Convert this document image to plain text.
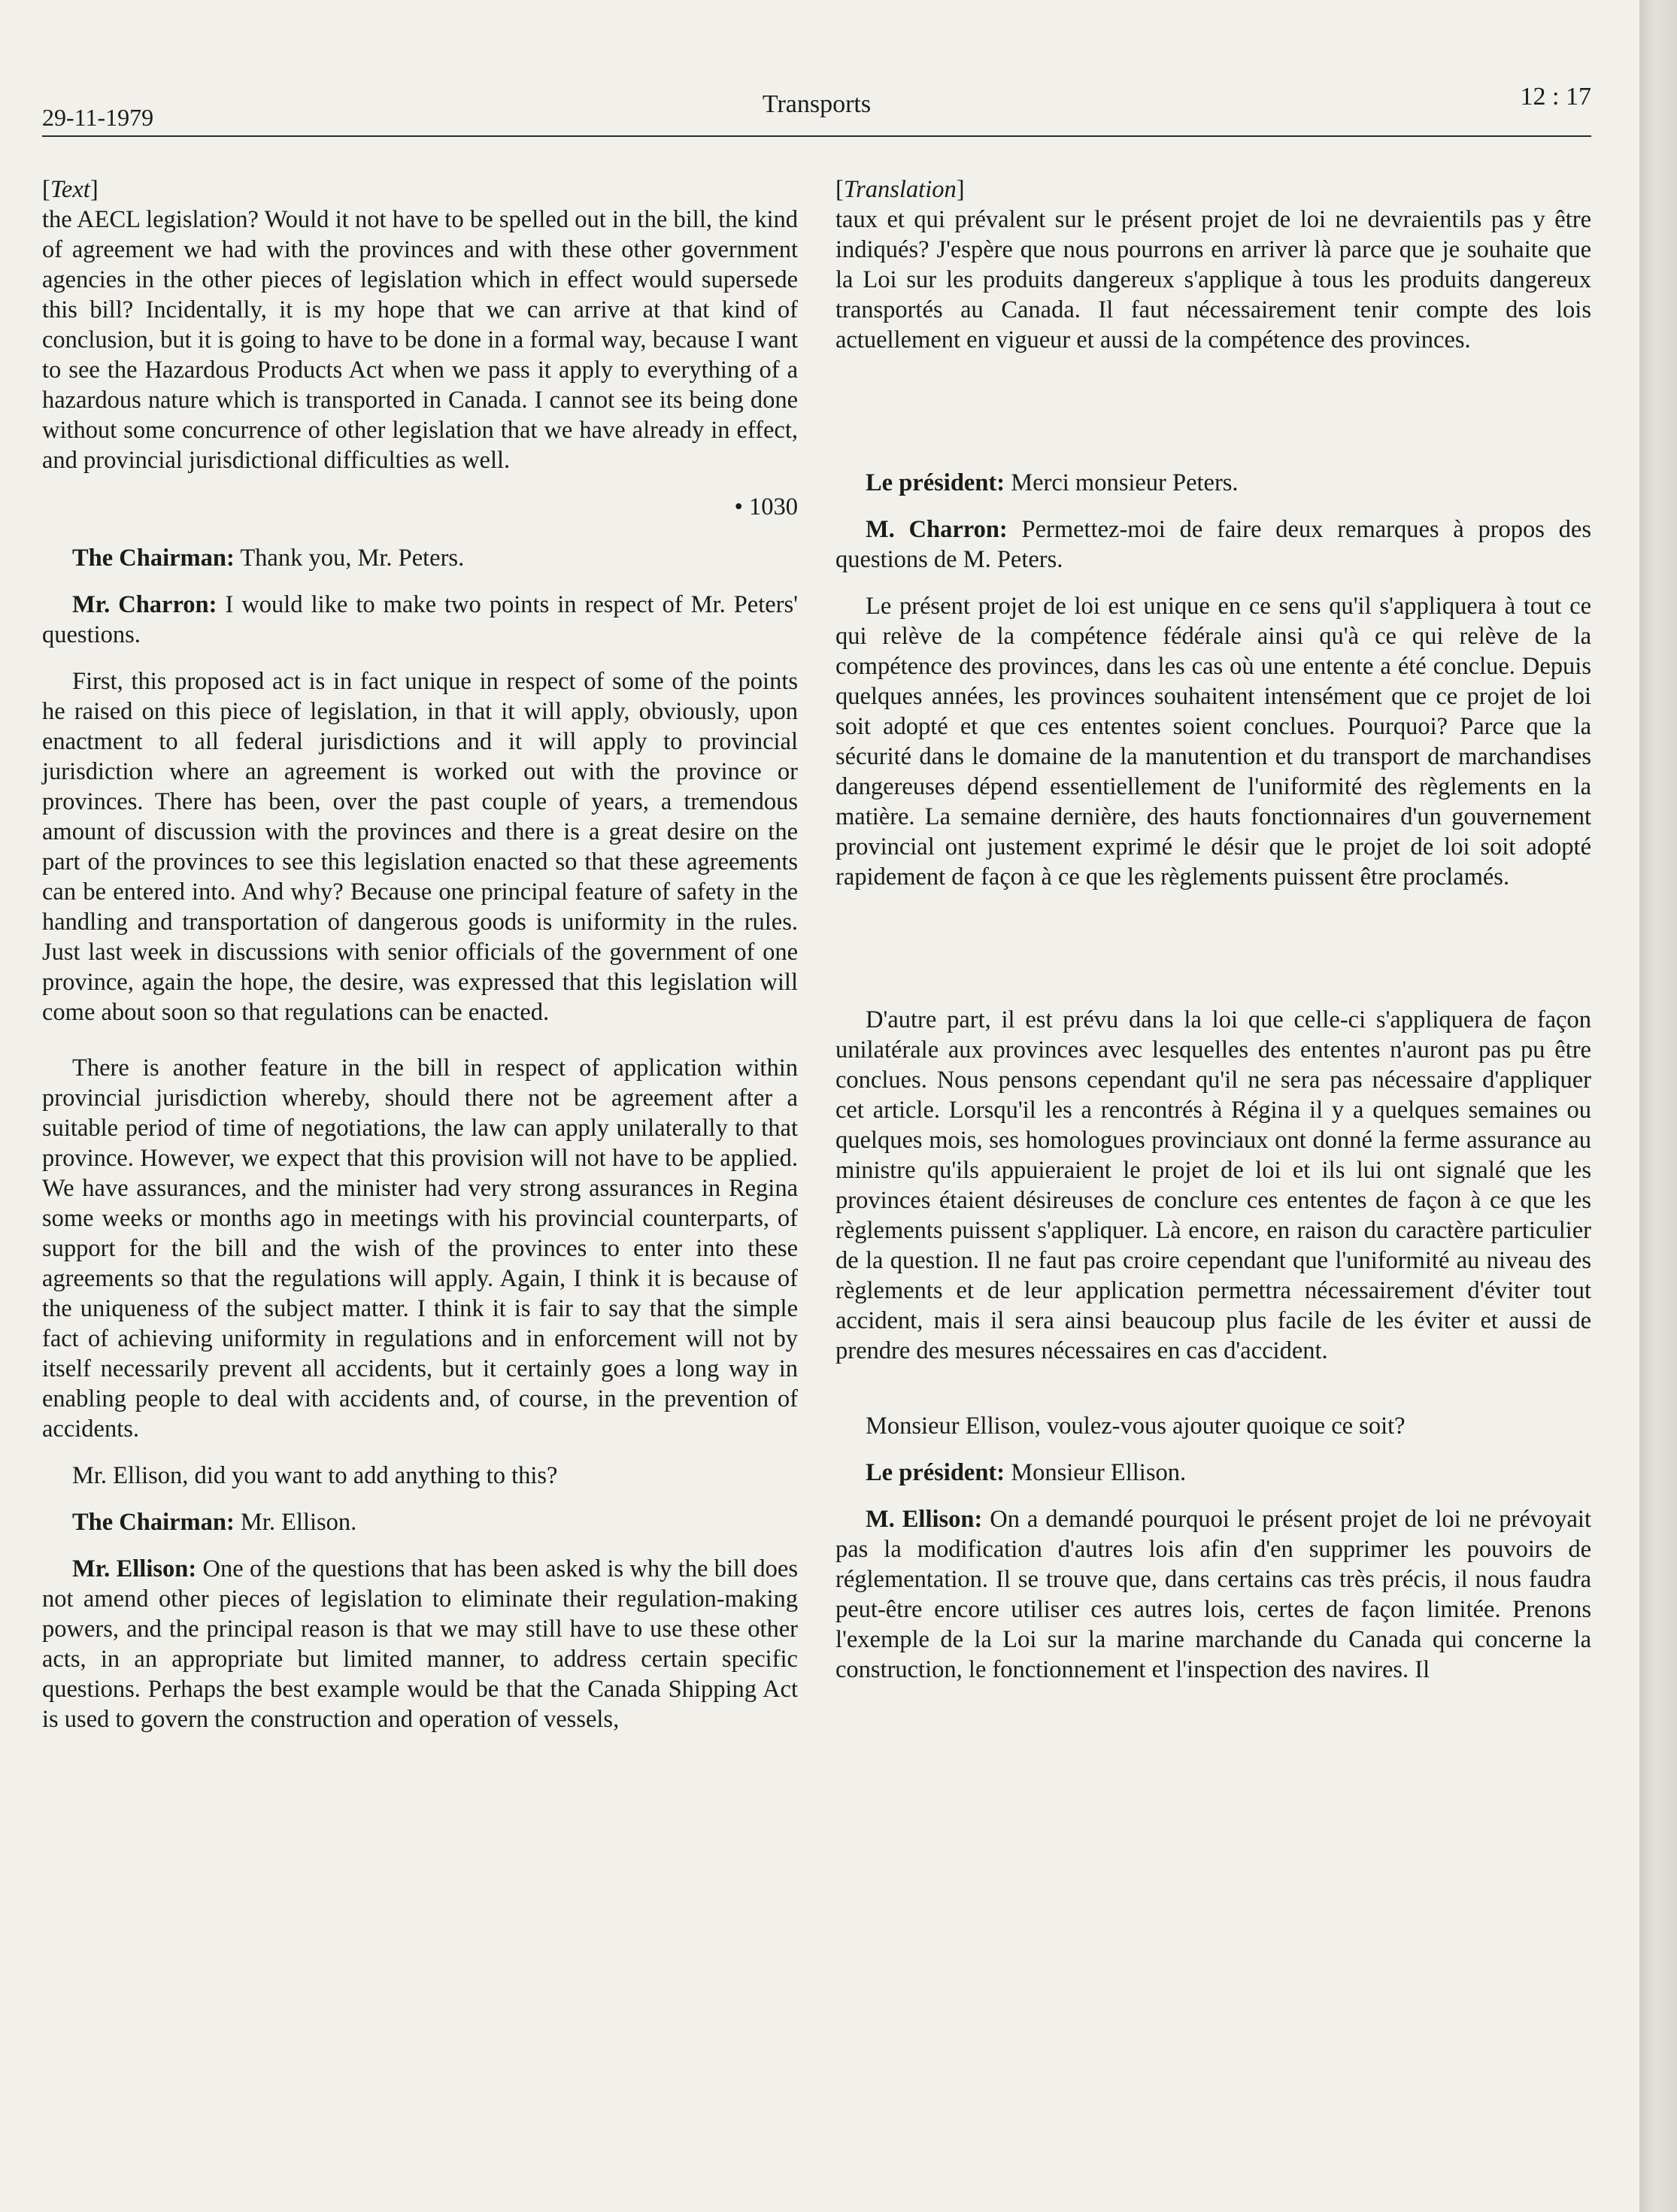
29-11-1979	Transports	12 : 17
[Text]

the AECL legislation? Would it not have to be spelled out in the bill, the kind of agreement we had with the provinces and with these other government agencies in the other pieces of legislation which in effect would supersede this bill? Incidentally, it is my hope that we can arrive at that kind of conclusion, but it is going to have to be done in a formal way, because I want to see the Hazardous Products Act when we pass it apply to everything of a hazardous nature which is transported in Canada. I cannot see its being done without some concurrence of other legislation that we have already in effect, and provincial jurisdictional difficulties as well.

• 1030

The Chairman: Thank you, Mr. Peters.

Mr. Charron: I would like to make two points in respect of Mr. Peters' questions.

First, this proposed act is in fact unique in respect of some of the points he raised on this piece of legislation, in that it will apply, obviously, upon enactment to all federal jurisdictions and it will apply to provincial jurisdiction where an agreement is worked out with the province or provinces. There has been, over the past couple of years, a tremendous amount of discussion with the provinces and there is a great desire on the part of the provinces to see this legislation enacted so that these agreements can be entered into. And why? Because one principal feature of safety in the handling and transportation of dangerous goods is uniformity in the rules. Just last week in discussions with senior officials of the government of one province, again the hope, the desire, was expressed that this legislation will come about soon so that regulations can be enacted.

There is another feature in the bill in respect of application within provincial jurisdiction whereby, should there not be agreement after a suitable period of time of negotiations, the law can apply unilaterally to that province. However, we expect that this provision will not have to be applied. We have assurances, and the minister had very strong assurances in Regina some weeks or months ago in meetings with his provincial counterparts, of support for the bill and the wish of the provinces to enter into these agreements so that the regulations will apply. Again, I think it is because of the uniqueness of the subject matter. I think it is fair to say that the simple fact of achieving uniformity in regulations and in enforcement will not by itself necessarily prevent all accidents, but it certainly goes a long way in enabling people to deal with accidents and, of course, in the prevention of accidents.

Mr. Ellison, did you want to add anything to this?

The Chairman: Mr. Ellison.

Mr. Ellison: One of the questions that has been asked is why the bill does not amend other pieces of legislation to eliminate their regulation-making powers, and the principal reason is that we may still have to use these other acts, in an appropriate but limited manner, to address certain specific questions. Perhaps the best example would be that the Canada Shipping Act is used to govern the construction and operation of vessels,

[Translation]

taux et qui prévalent sur le présent projet de loi ne devraientils pas y être indiqués? J'espère que nous pourrons en arriver là parce que je souhaite que la Loi sur les produits dangereux s'applique à tous les produits dangereux transportés au Canada. Il faut nécessairement tenir compte des lois actuellement en vigueur et aussi de la compétence des provinces.

Le président: Merci monsieur Peters.

M. Charron: Permettez-moi de faire deux remarques à propos des questions de M. Peters.

Le présent projet de loi est unique en ce sens qu'il s'appliquera à tout ce qui relève de la compétence fédérale ainsi qu'à ce qui relève de la compétence des provinces, dans les cas où une entente a été conclue. Depuis quelques années, les provinces souhaitent intensément que ce projet de loi soit adopté et que ces ententes soient conclues. Pourquoi? Parce que la sécurité dans le domaine de la manutention et du transport de marchandises dangereuses dépend essentiellement de l'uniformité des règlements en la matière. La semaine dernière, des hauts fonctionnaires d'un gouvernement provincial ont justement exprimé le désir que le projet de loi soit adopté rapidement de façon à ce que les règlements puissent être proclamés.

D'autre part, il est prévu dans la loi que celle-ci s'appliquera de façon unilatérale aux provinces avec lesquelles des ententes n'auront pas pu être conclues. Nous pensons cependant qu'il ne sera pas nécessaire d'appliquer cet article. Lorsqu'il les a rencontrés à Régina il y a quelques semaines ou quelques mois, ses homologues provinciaux ont donné la ferme assurance au ministre qu'ils appuieraient le projet de loi et ils lui ont signalé que les provinces étaient désireuses de conclure ces ententes de façon à ce que les règlements puissent s'appliquer. Là encore, en raison du caractère particulier de la question. Il ne faut pas croire cependant que l'uniformité au niveau des règlements et de leur application permettra nécessairement d'éviter tout accident, mais il sera ainsi beaucoup plus facile de les éviter et aussi de prendre des mesures nécessaires en cas d'accident.

Monsieur Ellison, voulez-vous ajouter quoique ce soit?

Le président: Monsieur Ellison.

M. Ellison: On a demandé pourquoi le présent projet de loi ne prévoyait pas la modification d'autres lois afin d'en supprimer les pouvoirs de réglementation. Il se trouve que, dans certains cas très précis, il nous faudra peut-être encore utiliser ces autres lois, certes de façon limitée. Prenons l'exemple de la Loi sur la marine marchande du Canada qui concerne la construction, le fonctionnement et l'inspection des navires. Il
